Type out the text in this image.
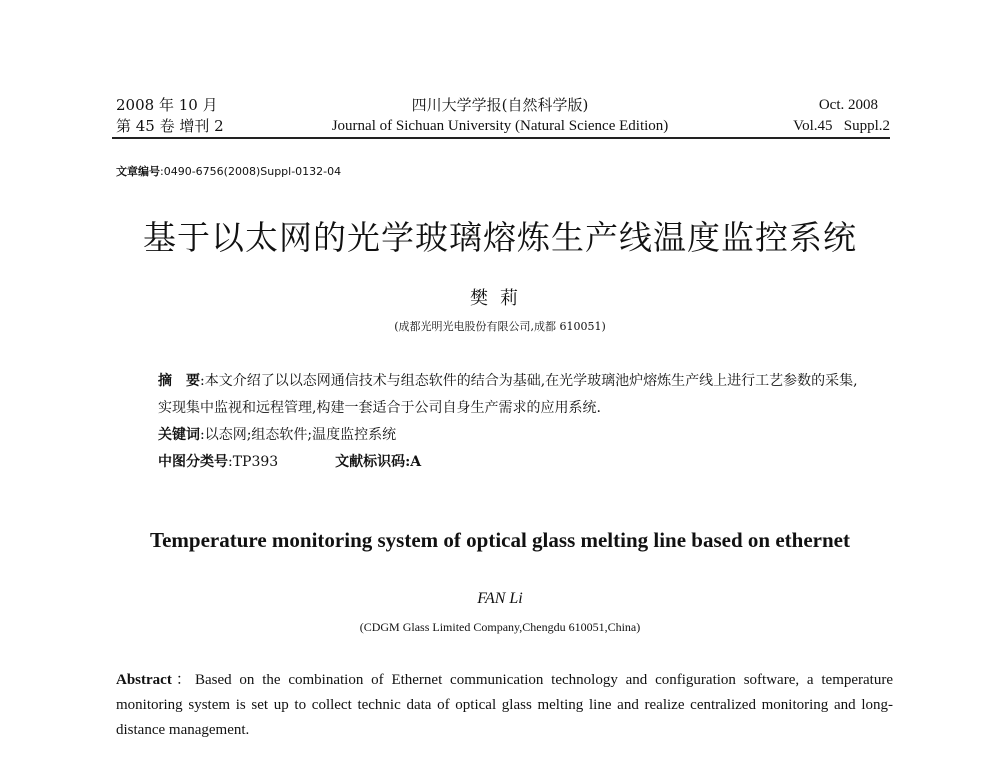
2008 年 10 月
第 45 卷 增刊 2
四川大学学报(自然科学版)
Journal of Sichuan University (Natural Science Edition)
Oct. 2008
Vol.45   Suppl.2
文章编号:0490-6756(2008)Suppl-0132-04
基于以太网的光学玻璃熔炼生产线温度监控系统
樊莉
(成都光明光电股份有限公司,成都 610051)
摘　要:本文介绍了以以态网通信技术与组态软件的结合为基础,在光学玻璃池炉熔炼生产线上进行工艺参数的采集,实现集中监视和远程管理,构建一套适合于公司自身生产需求的应用系统.
关键词:以态网;组态软件;温度监控系统
中图分类号:TP393	文献标识码:A
Temperature monitoring system of optical glass melting line based on ethernet
FAN Li
(CDGM Glass Limited Company,Chengdu 610051,China)
Abstract：Based on the combination of Ethernet communication technology and configuration software, a temperature monitoring system is set up to collect technic data of optical glass melting line and realize centralized monitoring and long-distance management.
